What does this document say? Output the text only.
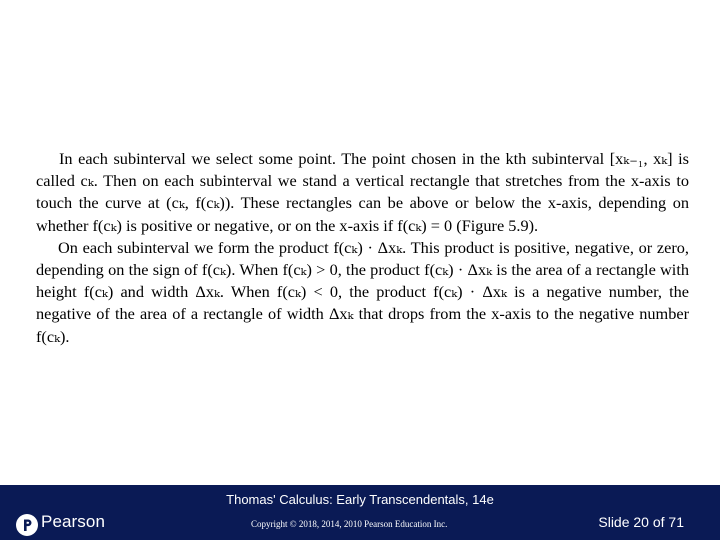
In each subinterval we select some point. The point chosen in the kth subinterval [xₖ₋₁, xₖ] is called cₖ. Then on each subinterval we stand a vertical rectangle that stretches from the x-axis to touch the curve at (cₖ, f(cₖ)). These rectangles can be above or below the x-axis, depending on whether f(cₖ) is positive or negative, or on the x-axis if f(cₖ) = 0 (Figure 5.9).

On each subinterval we form the product f(cₖ) · Δxₖ. This product is positive, negative, or zero, depending on the sign of f(cₖ). When f(cₖ) > 0, the product f(cₖ) · Δxₖ is the area of a rectangle with height f(cₖ) and width Δxₖ. When f(cₖ) < 0, the product f(cₖ) · Δxₖ is a negative number, the negative of the area of a rectangle of width Δxₖ that drops from the x-axis to the negative number f(cₖ).

Pearson
Thomas' Calculus: Early Transcendentals, 14e
Copyright © 2018, 2014, 2010 Pearson Education Inc.	Slide 20 of 71
